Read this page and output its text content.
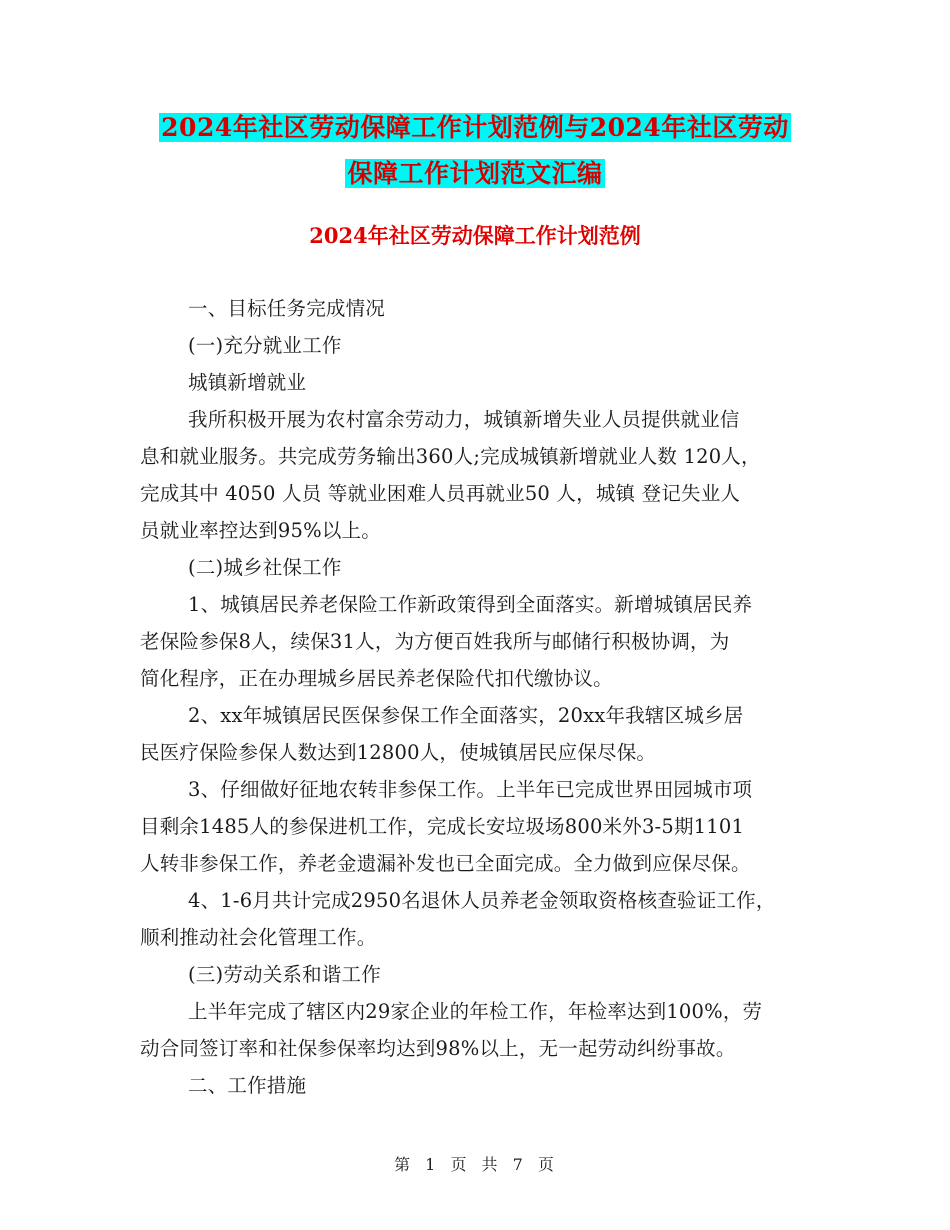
2024年社区劳动保障工作计划范例与2024年社区劳动
保障工作计划范文汇编
2024年社区劳动保障工作计划范例
一、目标任务完成情况
(一)充分就业工作
城镇新增就业
我所积极开展为农村富余劳动力，城镇新增失业人员提供就业信
息和就业服务。共完成劳务输出360人;完成城镇新增就业人数 120人，
完成其中 4050 人员 等就业困难人员再就业50 人，城镇 登记失业人
员就业率控达到95%以上。
(二)城乡社保工作
1、城镇居民养老保险工作新政策得到全面落实。新增城镇居民养
老保险参保8人，续保31人，为方便百姓我所与邮储行积极协调，为
简化程序，正在办理城乡居民养老保险代扣代缴协议。
2、xx年城镇居民医保参保工作全面落实，20xx年我辖区城乡居
民医疗保险参保人数达到12800人，使城镇居民应保尽保。
3、仔细做好征地农转非参保工作。上半年已完成世界田园城市项
目剩余1485人的参保进机工作，完成长安垃圾场800米外3-5期1101
人转非参保工作，养老金遗漏补发也已全面完成。全力做到应保尽保。
4、1-6月共计完成2950名退休人员养老金领取资格核查验证工作，
顺利推动社会化管理工作。
(三)劳动关系和谐工作
上半年完成了辖区内29家企业的年检工作，年检率达到100%，劳
动合同签订率和社保参保率均达到98%以上，无一起劳动纠纷事故。
二、工作措施
第 1 页 共 7 页
